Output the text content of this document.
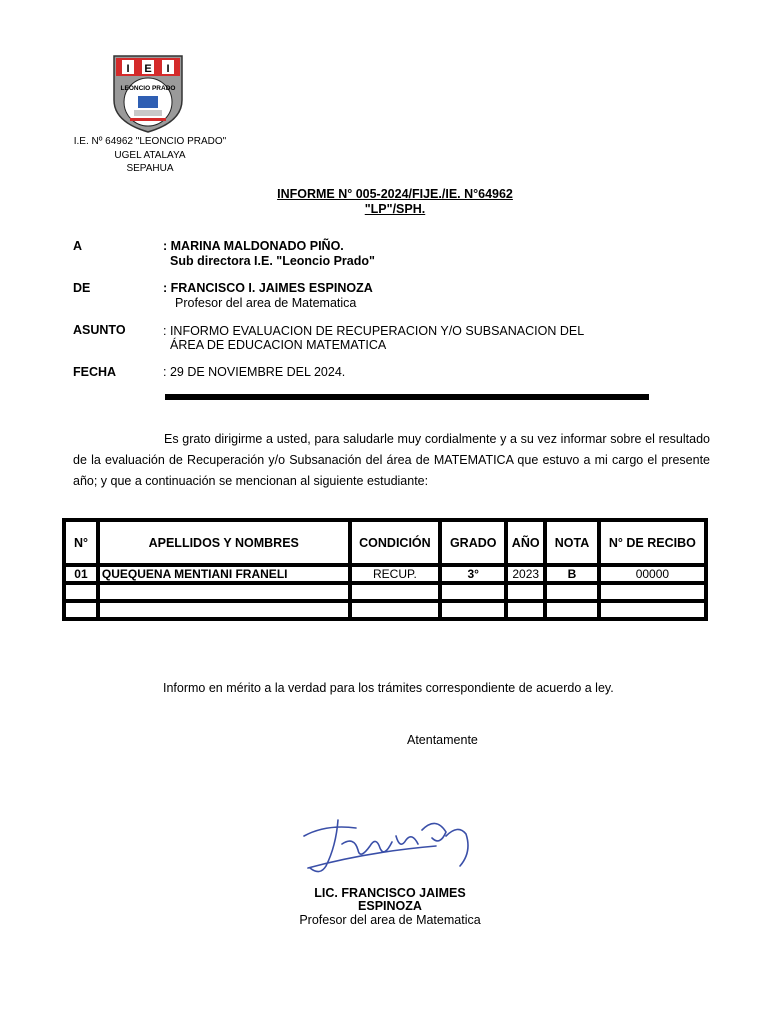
I E I
LEONCIO PRADO
I.E. Nº 64962 "LEONCIO PRADO"
UGEL ATALAYA
SEPAHUA
INFORME N° 005-2024/FIJE./IE. N°64962
"LP"/SPH.
A	: MARINA MALDONADO PIÑO.
Sub directora I.E. "Leoncio Prado"
DE	: FRANCISCO I. JAIMES ESPINOZA
Profesor del area de Matematica
ASUNTO	: INFORMO EVALUACION DE RECUPERACION Y/O SUBSANACION DEL
ÁREA DE EDUCACION MATEMATICA
FECHA	: 29 DE NOVIEMBRE DEL 2024.
Es grato dirigirme a usted, para saludarle muy cordialmente y a su vez informar sobre el resultado de la evaluación de Recuperación y/o Subsanación del área de MATEMATICA que estuvo a mi cargo el presente año; y que a continuación se mencionan al siguiente estudiante:
N°	APELLIDOS Y NOMBRES	CONDICIÓN	GRADO	AÑO	NOTA	N° DE RECIBO
01	QUEQUENA MENTIANI FRANELI	RECUP.	3°	2023	B	00000

Informo en mérito a la verdad para los trámites correspondiente de acuerdo a ley.
Atentamente
LIC. FRANCISCO JAIMES
ESPINOZA
Profesor del area de Matematica
